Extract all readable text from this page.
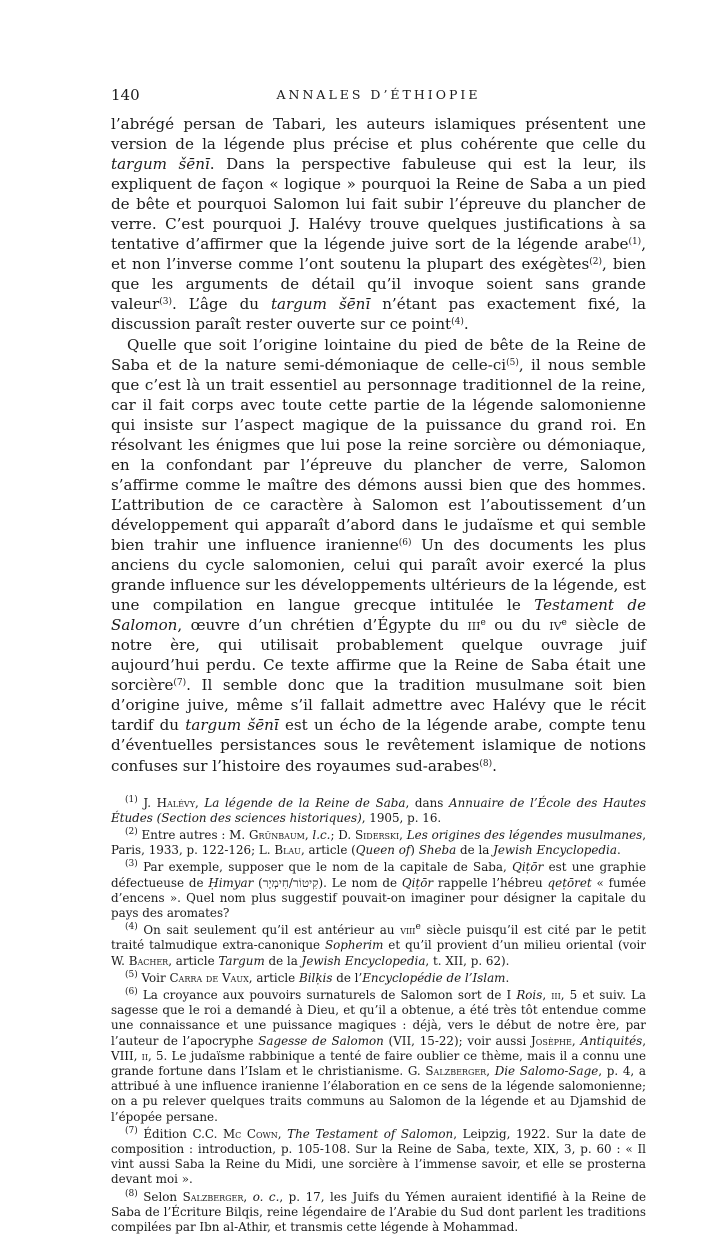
140	ANNALES D’ÉTHIOPIE

l’abrégé persan de Tabari, les auteurs islamiques présentent une version de la légende plus précise et plus cohérente que celle du targum šēnī. Dans la perspective fabuleuse qui est la leur, ils expliquent de façon « logique » pourquoi la Reine de Saba a un pied de bête et pourquoi Salomon lui fait subir l’épreuve du plancher de verre. C’est pourquoi J. Halévy trouve quelques justifications à sa tentative d’affirmer que la légende juive sort de la légende arabe$^{(1)}$, et non l’inverse comme l’ont soutenu la plupart des exégètes$^{(2)}$, bien que les arguments de détail qu’il invoque soient sans grande valeur$^{(3)}$. L’âge du targum šēnī n’étant pas exactement fixé, la discussion paraît rester ouverte sur ce point$^{(4)}$.

Quelle que soit l’origine lointaine du pied de bête de la Reine de Saba et de la nature semi-démoniaque de celle-$ci^{(5)}$, il nous semble que c’est là un trait essentiel au personnage traditionnel de la reine, car il fait corps avec toute cette partie de la légende salomonienne qui insiste sur l’aspect magique de la puissance du grand roi. En résolvant les énigmes que lui pose la reine sorcière ou démoniaque, en la confondant par l’épreuve du plancher de verre, Salomon s’affirme comme le maître des démons aussi bien que des hommes. L’attribution de ce caractère à Salomon est l’aboutissement d’un développement qui apparaît d’abord dans le judaïsme et qui semble bien trahir une influence iranienne$^{(6)}$ Un des documents les plus anciens du cycle salomonien, celui qui paraît avoir exercé la plus grande influence sur les développements ultérieurs de la légende, est une compilation en langue grecque intitulée le Testament de Salomon, œuvre d’un chrétien d’Égypte du iii$^e$ ou du $iv^e$ siècle de notre ère, qui utilisait probablement quelque ouvrage juif aujourd’hui perdu. Ce texte affirme que la Reine de Saba était une sorcière$^{(7)}$. Il semble donc que la tradition musulmane soit bien d’origine juive, même s’il fallait admettre avec Halévy que le récit tardif du targum šēnī est un écho de la légende arabe, compte tenu d’éventuelles persistances sous le revêtement islamique de notions confuses sur l’histoire des royaumes sud-arabes$^{(8)}$.

$^{(1)}$ J. Halévy, La légende de la Reine de Saba, dans Annuaire de l’École des Hautes Études (Section des sciences historiques), 1905, p. 16.

$^{(2)}$ Entre autres : M. Grünbaum, l.c.; D. Siderski, Les origines des légendes musulmanes, Paris, 1933, p. 122-126; L. Blau, article (Queen of) Sheba de la Jewish Encyclopedia.

$^{(3)}$ Par exemple, supposer que le nom de la capitale de Saba, Qiṭōr est une graphie défectueuse de Ḥimyar (קִיטוֹר/חִימְיָר). Le nom de Qiṭōr rappelle l’hébreu qeṭōret « fumée d’encens ». Quel nom plus suggestif pouvait-on imaginer pour désigner la capitale du pays des aromates?

$^{(4)}$ On sait seulement qu’il est antérieur au viii$^e$ siècle puisqu’il est cité par le petit traité talmudique extra-canonique Sopherim et qu’il provient d’un milieu oriental (voir W. Bacher, article Targum de la Jewish Encyclopedia, t. XII, p. 62).

$^{(5)}$ Voir Carra de Vaux, article Bilḳis de l’Encyclopédie de l’Islam.

$^{(6)}$ La croyance aux pouvoirs surnaturels de Salomon sort de I Rois, iii, 5 et suiv. La sagesse que le roi a demandé à Dieu, et qu’il a obtenue, a été très tôt entendue comme une connaissance et une puissance magiques : déjà, vers le début de notre ère, par l’auteur de l’apocryphe Sagesse de Salomon (VII, 15-22); voir aussi Josèphe, Antiquités, VIII, ii, 5. Le judaïsme rabbinique a tenté de faire oublier ce thème, mais il a connu une grande fortune dans l’Islam et le christianisme. G. Salzberger, Die Salomo-Sage, p. 4, a attribué à une influence iranienne l’élaboration en ce sens de la légende salomonienne; on a pu relever quelques traits communs au Salomon de la légende et au Djamshid de l’épopée persane.

$^{(7)}$ Édition C.C. Mc Cown, The Testament of Salomon, Leipzig, 1922. Sur la date de composition : introduction, p. 105-108. Sur la Reine de Saba, texte, XIX, 3, p. 60 : « Il vint aussi Saba la Reine du Midi, une sorcière à l’immense savoir, et elle se prosterna devant moi ».

$^{(8)}$ Selon Salzberger, o. c., p. 17, les Juifs du Yémen auraient identifié à la Reine de Saba de l’Écriture Bilqis, reine légendaire de l’Arabie du Sud dont parlent les traditions compilées par Ibn al-Athir, et transmis cette légende à Mohammad.
